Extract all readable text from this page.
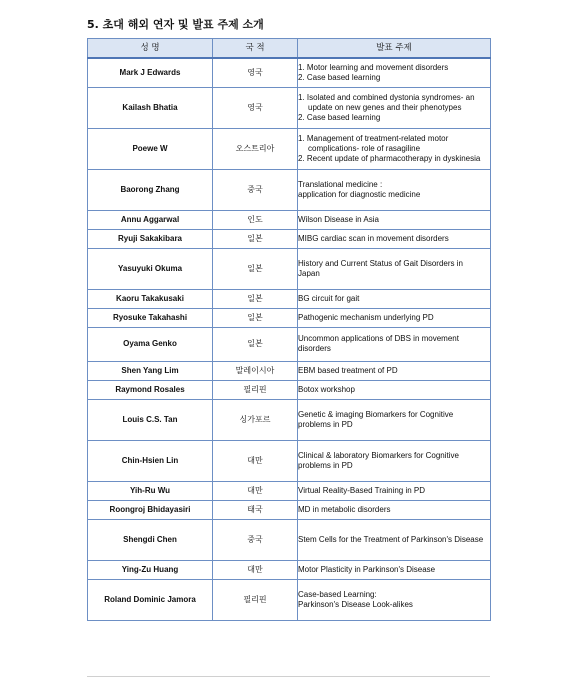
5. 초대 해외 연자 및 발표 주제 소개
성 명	국 적	발표 주제
Mark J Edwards	영국	1. Motor learning and movement disorders
2. Case based learning

Kailash Bhatia	영국	1. Isolated and combined dystonia syndromes- an
update on new genes and their phenotypes
2. Case based learning

Poewe W	오스트리아	1. Management of treatment-related motor
complications- role of rasagiline
2. Recent update of pharmacotherapy in dyskinesia

Baorong Zhang	중국	Translational medicine :
application for diagnostic medicine

Annu Aggarwal	인도	Wilson Disease in Asia

Ryuji Sakakibara	일본	MIBG cardiac scan in movement disorders

Yasuyuki Okuma	일본	History and Current Status of Gait Disorders in
Japan

Kaoru Takakusaki	일본	BG circuit for gait

Ryosuke Takahashi	일본	Pathogenic mechanism underlying PD

Oyama Genko	일본	Uncommon applications of DBS in movement
disorders

Shen Yang Lim	말레이시아	EBM based treatment of PD

Raymond Rosales	필리핀	Botox workshop

Louis C.S. Tan	싱가포르	Genetic & imaging Biomarkers for Cognitive
problems in PD

Chin-Hsien Lin	대만	Clinical & laboratory Biomarkers for Cognitive
problems in PD

Yih-Ru Wu	대만	Virtual Reality-Based Training in PD

Roongroj Bhidayasiri	태국	MD in metabolic disorders

Shengdi Chen	중국	Stem Cells for the Treatment of Parkinson's Disease

Ying-Zu Huang	대만	Motor Plasticity in Parkinson's Disease

Roland Dominic Jamora	필리핀	Case-based Learning:
Parkinson's Disease Look-alikes
